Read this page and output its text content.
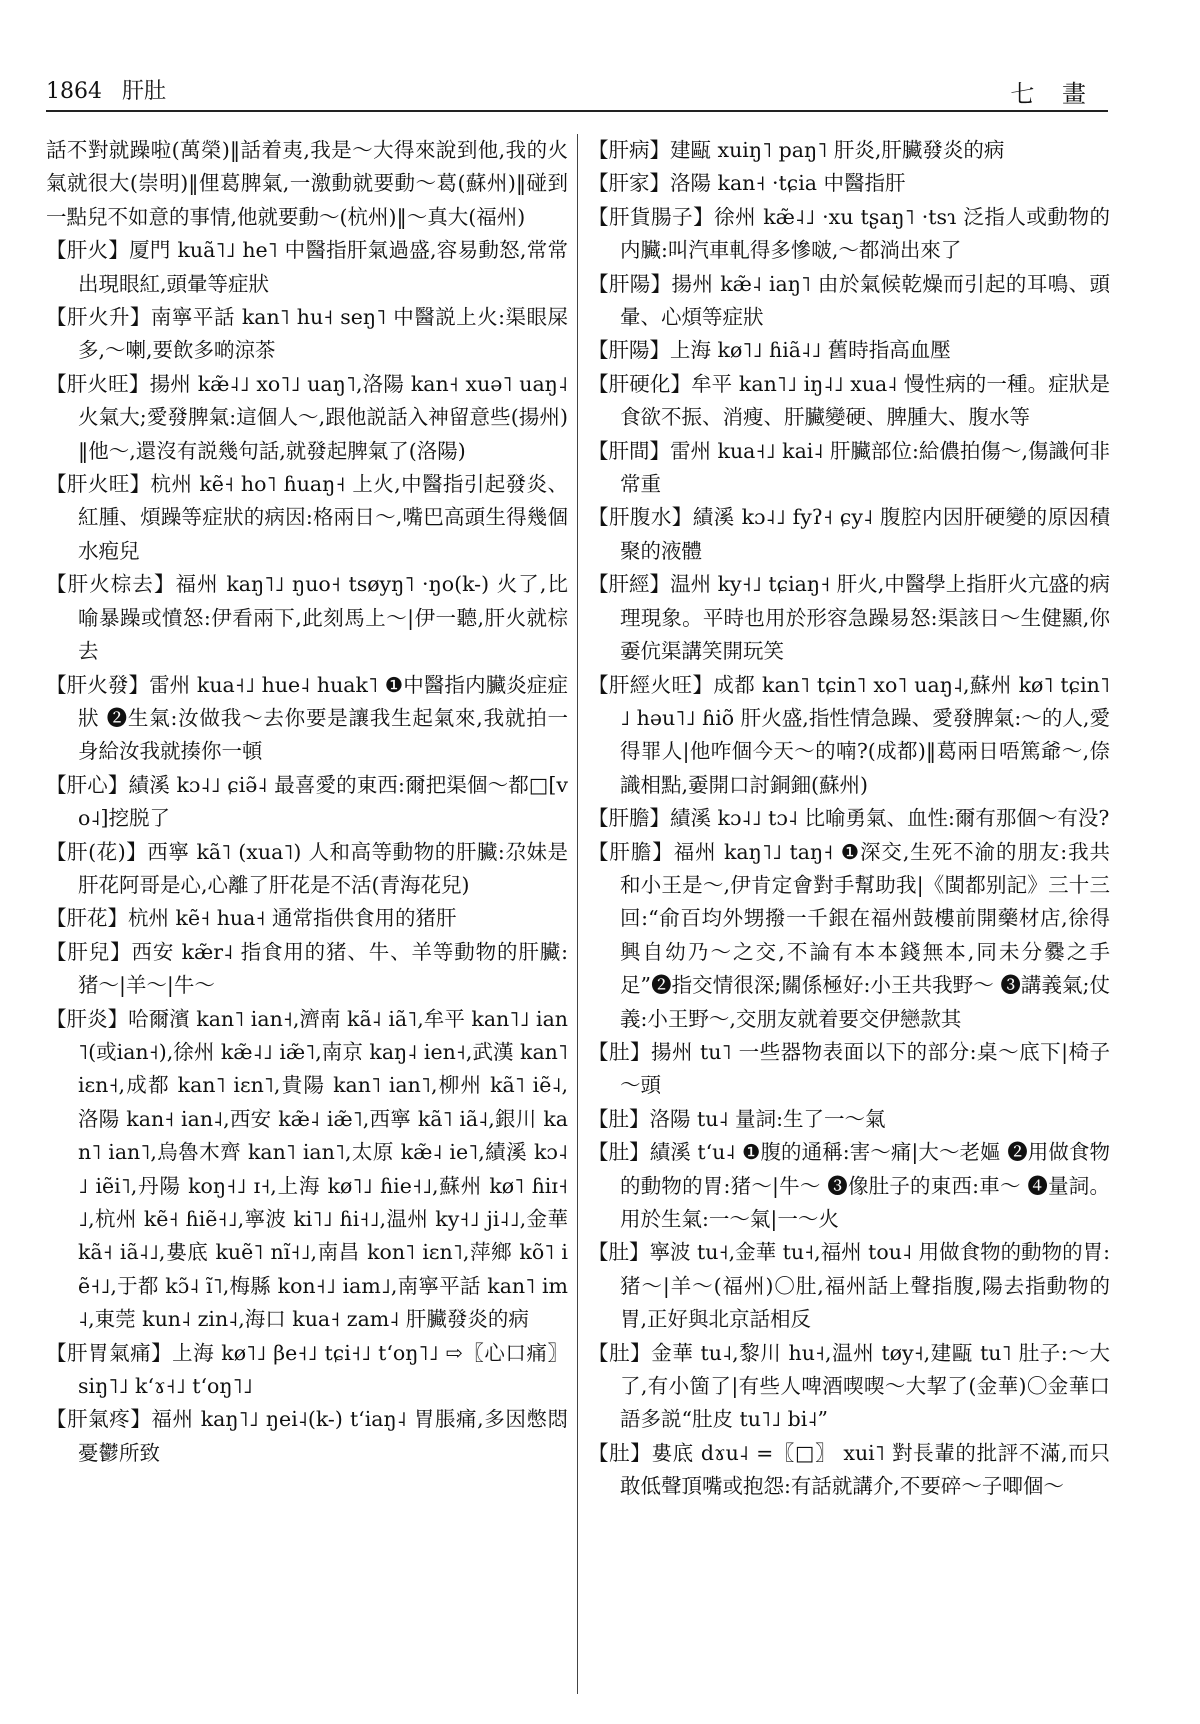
1864 肝肚	七 畫
話不對就躁啦(萬榮)‖話着夷,我是～大得來說到他,我的火氣就很大(崇明)‖俚葛脾氣,一激動就要動～葛(蘇州)‖碰到一點兒不如意的事情,他就要動～(杭州)‖～真大(福州)
【肝火】厦門 kuã˥˩ he˥ 中醫指肝氣過盛,容易動怒,常常出現眼紅,頭暈等症狀
【肝火升】南寧平話 kan˥ hu˧ seŋ˥ 中醫説上火:渠眼屎多,～喇,要飲多啲涼茶
【肝火旺】揚州 kæ̃˨˩ xo˥˩ uaŋ˥,洛陽 kan˧ xuə˥ uaŋ˨ 火氣大;愛發脾氣:這個人～,跟他説話入神留意些(揚州)‖他～,還沒有説幾句話,就發起脾氣了(洛陽)
【肝火旺】杭州 kẽ˧ ho˥ ɦuaŋ˧ 上火,中醫指引起發炎、紅腫、煩躁等症狀的病因:格兩日～,嘴巴高頭生得幾個水疱兒
【肝火棕去】福州 kaŋ˥˩ ŋuo˧ tsøyŋ˥ ·ŋo(k-) 火了,比喻暴躁或憤怒:伊看兩下,此刻馬上～|伊一聽,肝火就棕去
【肝火發】雷州 kua˧˩ hue˨ huak˥ ❶中醫指内臟炎症症狀 ❷生氣:汝做我～去你要是讓我生起氣來,我就拍一身給汝我就揍你一頓
【肝心】績溪 kɔ˨˩ ɕiə̃˨ 最喜愛的東西:爾把渠個～都□[vo˨]挖脱了
【肝(花)】西寧 kã˥ (xua˥) 人和高等動物的肝臟:尕妹是肝花阿哥是心,心離了肝花是不活(青海花兒)
【肝花】杭州 kẽ˧ hua˧ 通常指供食用的猪肝
【肝兒】西安 kæ̃r˨ 指食用的猪、牛、羊等動物的肝臟:猪～|羊～|牛～
【肝炎】哈爾濱 kan˥ ian˧,濟南 kã˨ iã˥,牟平 kan˥˩ ian˥(或ian˧),徐州 kæ̃˨˩ iæ̃˥,南京 kaŋ˨ ien˧,武漢 kan˥ iɛn˧,成都 kan˥ iɛn˥,貴陽 kan˥ ian˥,柳州 kã˥ iẽ˨,洛陽 kan˧ ian˨,西安 kæ̃˨ iæ̃˥,西寧 kã˥ iã˨,銀川 kan˥ ian˥,烏魯木齊 kan˥ ian˥,太原 kæ̃˨ ie˥,績溪 kɔ˨˩ iẽi˥,丹陽 koŋ˧˩ ɪ˧,上海 kø˥˩ ɦie˧˩,蘇州 kø˥ ɦiɪ˧˩,杭州 kẽ˧ ɦiẽ˧˩,寧波 ki˥˩ ɦi˧˩,温州 ky˧˩ ji˨˩,金華 kã˧ iã˨˩,婁底 kuẽ˥ nĩ˧˩,南昌 kon˥ iɛn˥,萍鄉 kõ˥ iẽ˧˩,于都 kɔ̃˨ ĩ˥,梅縣 kon˧˩ iam˩,南寧平話 kan˥ im˨,東莞 kun˨ zin˨,海口 kua˧ zam˨ 肝臟發炎的病
【肝胃氣痛】上海 kø˥˩ βe˧˩ tɕi˧˩ tʻoŋ˥˩ ⇨〖心口痛〗 siŋ˥˩ kʻɤ˧˩ tʻoŋ˥˩
【肝氣疼】福州 kaŋ˥˩ ŋei˨(k-) tʻiaŋ˨ 胃脹痛,多因憋悶憂鬱所致
【肝病】建甌 xuiŋ˥ paŋ˥ 肝炎,肝臟發炎的病
【肝家】洛陽 kan˧ ·tɕia 中醫指肝
【肝貨腸子】徐州 kæ̃˨˩ ·xu tʂaŋ˥ ·tsɿ 泛指人或動物的内臟:叫汽車軋得多慘啵,～都淌出來了
【肝陽】揚州 kæ̃˨ iaŋ˥ 由於氣候乾燥而引起的耳鳴、頭暈、心煩等症狀
【肝陽】上海 kø˥˩ ɦiã˨˩ 舊時指高血壓
【肝硬化】牟平 kan˥˩ iŋ˨˩ xua˨ 慢性病的一種。症狀是食欲不振、消瘦、肝臟變硬、脾腫大、腹水等
【肝間】雷州 kua˧˩ kai˨ 肝臟部位:給儂拍傷～,傷識何非常重
【肝腹水】績溪 kɔ˨˩ fyʔ˧ ɕy˨ 腹腔内因肝硬變的原因積聚的液體
【肝經】温州 ky˧˩ tɕiaŋ˧ 肝火,中醫學上指肝火亢盛的病理現象。平時也用於形容急躁易怒:渠該日～生健顯,你嫑伉渠講笑開玩笑
【肝經火旺】成都 kan˥ tɕin˥ xo˥ uaŋ˨,蘇州 kø˥ tɕin˥˩ həu˥˩ ɦiõ 肝火盛,指性情急躁、愛發脾氣:～的人,愛得罪人|他咋個今天～的喃?(成都)‖葛兩日唔篤爺～,倷識相點,嫑開口討銅鈿(蘇州)
【肝膽】績溪 kɔ˨˩ tɔ˨ 比喻勇氣、血性:爾有那個～有没?
【肝膽】福州 kaŋ˥˩ taŋ˧ ❶深交,生死不渝的朋友:我共和小王是～,伊肯定會對手幫助我|《閩都别記》三十三回:“俞百均外甥撥一千銀在福州鼓樓前開藥材店,徐得興自幼乃～之交,不論有本本錢無本,同未分爨之手足”❷指交情很深;關係極好:小王共我野～ ❸講義氣;仗義:小王野～,交朋友就着要交伊戀款其
【肚】揚州 tu˥ 一些器物表面以下的部分:桌～底下|椅子～頭
【肚】洛陽 tu˨ 量詞:生了一～氣
【肚】績溪 tʻu˨ ❶腹的通稱:害～痛|大～老嫗 ❷用做食物的動物的胃:猪～|牛～ ❸像肚子的東西:車～ ❹量詞。用於生氣:一～氣|一～火
【肚】寧波 tu˧,金華 tu˧,福州 tou˨ 用做食物的動物的胃:猪～|羊～(福州)〇肚,福州話上聲指腹,陽去指動物的胃,正好與北京話相反
【肚】金華 tu˨,黎川 hu˧,温州 tøy˧,建甌 tu˥ 肚子:～大了,有小箇了|有些人啤酒喫喫～大挈了(金華)〇金華口語多説“肚皮 tu˥˩ bi˨”
【肚】婁底 dɤu˨ =〖□〗 xui˥ 對長輩的批評不滿,而只敢低聲頂嘴或抱怨:有話就講介,不要碎～子唧個～
